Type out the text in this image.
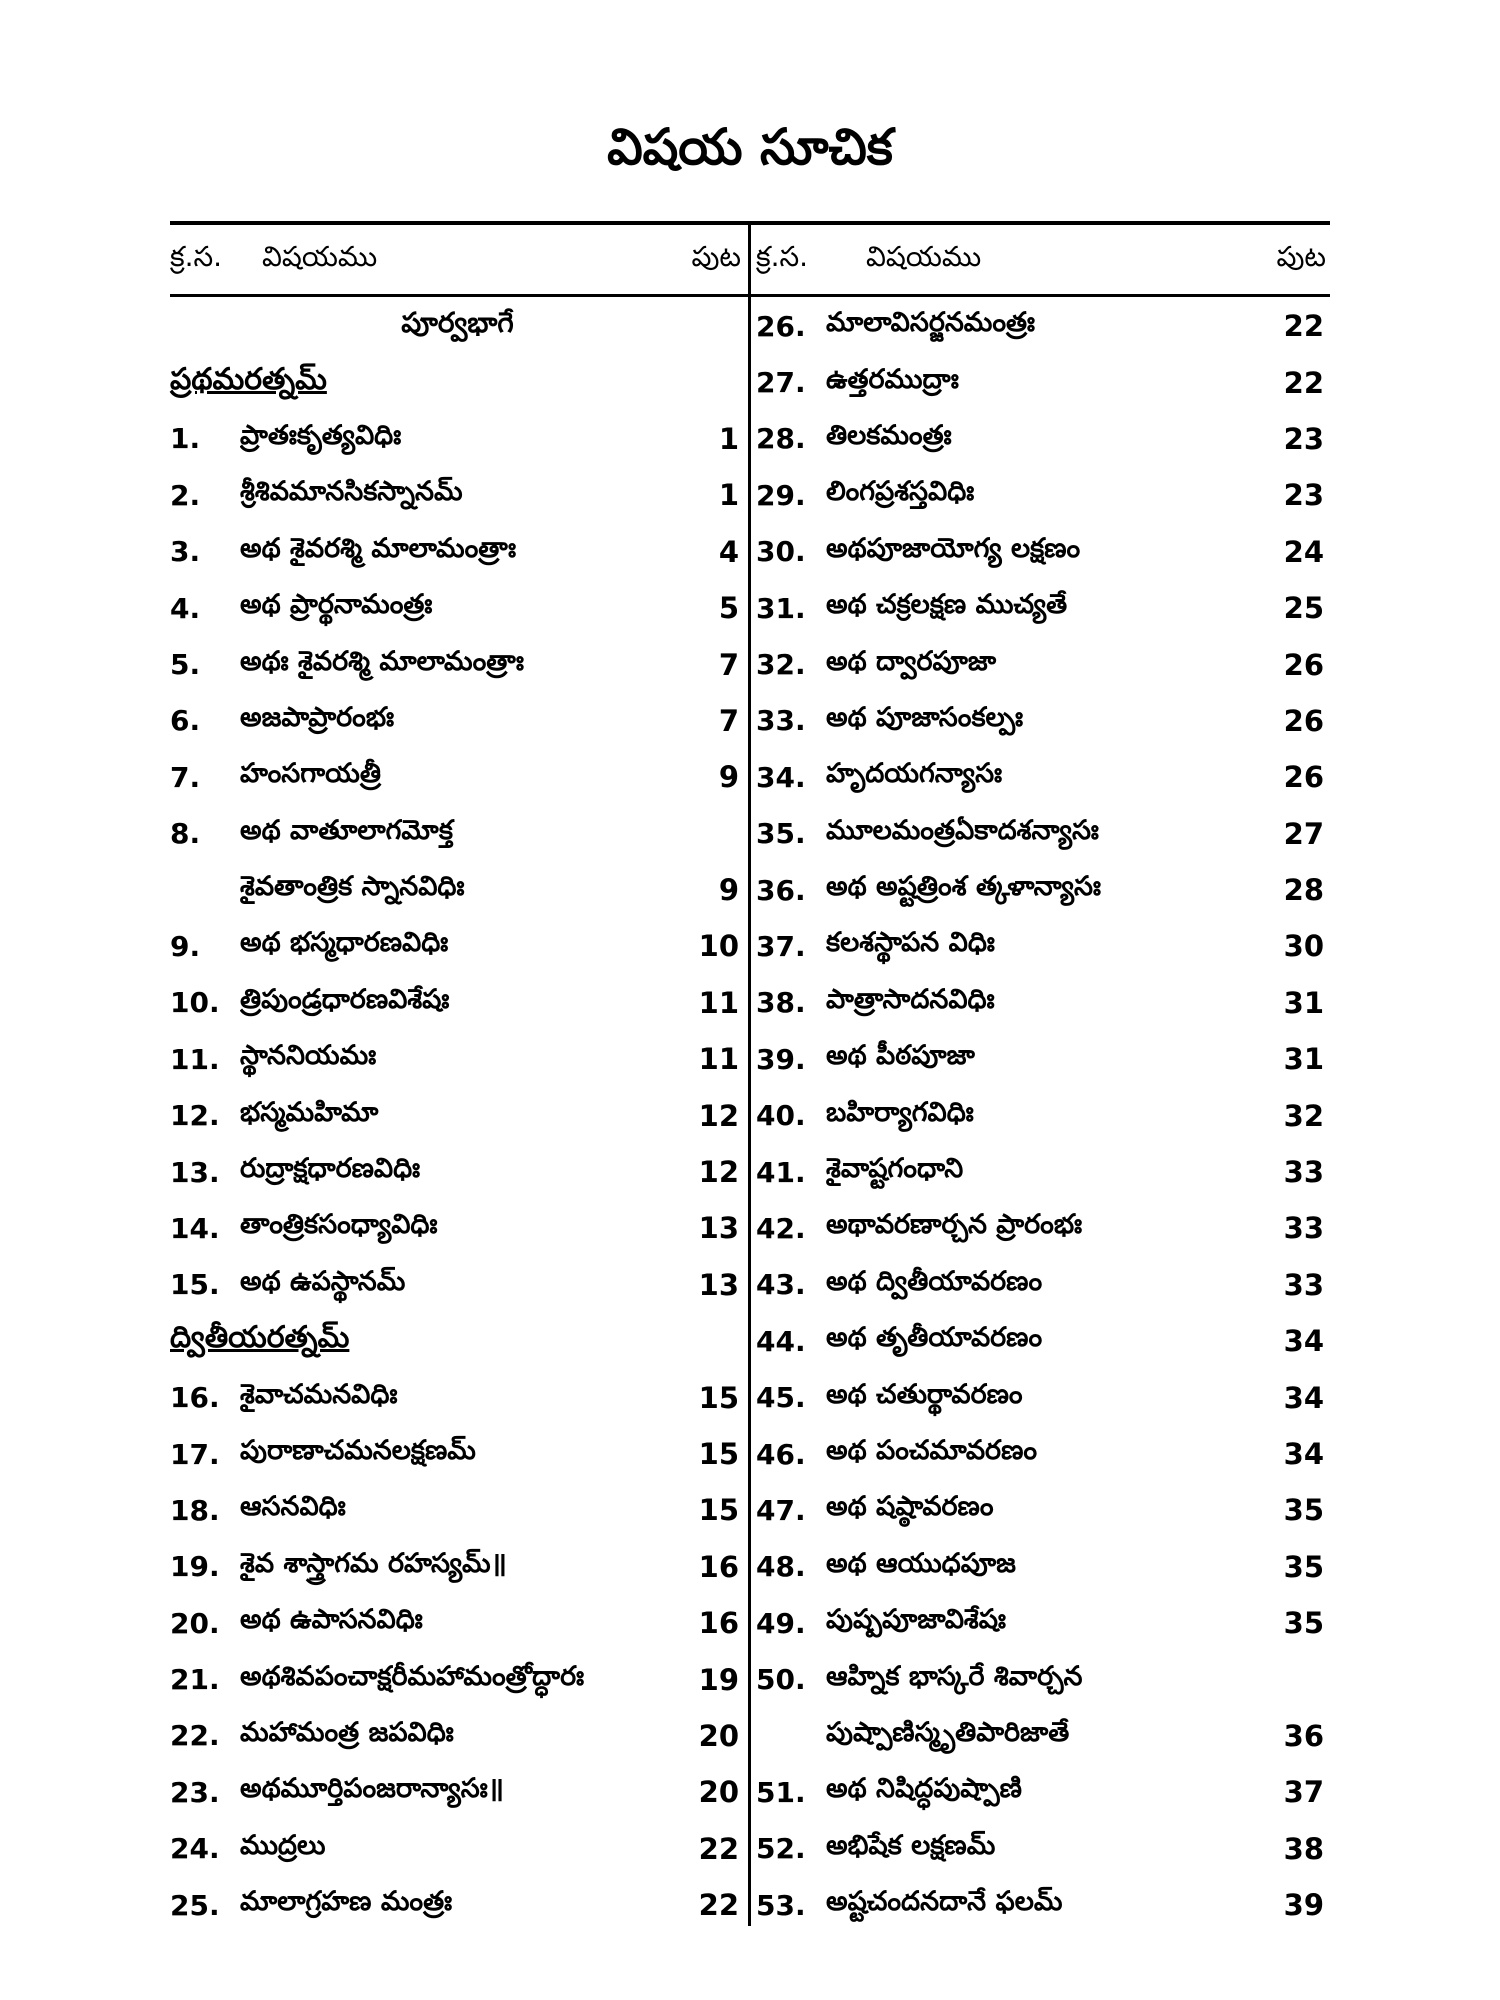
విషయ సూచిక
క్ర.స.	విషయము	పుట
పూర్వభాగే
ప్రథమరత్నమ్
1.	ప్రాతఃకృత్యవిధిః	1
2.	శ్రీశివమానసికస్నానమ్	1
3.	అథ శైవరశ్మి మాలామంత్రాః	4
4.	అథ ప్రార్థనామంత్రః	5
5.	అథః శైవరశ్మి మాలామంత్రాః	7
6.	అజపాప్రారంభః	7
7.	హంసగాయత్రీ	9
8.	అథ వాతూలాగమోక్త
శైవతాంత్రిక స్నానవిధిః	9
9.	అథ భస్మధారణవిధిః	10
10. త్రిపుండ్రధారణవిశేషః	11
11. స్థాననియమః	11
12. భస్మమహిమా	12
13. రుద్రాక్షధారణవిధిః	12
14. తాంత్రికసంధ్యావిధిః	13
15. అథ ఉపస్థానమ్	13
ద్వితీయరత్నమ్
16. శైవాచమనవిధిః	15
17. పురాణాచమనలక్షణమ్	15
18. ఆసనవిధిః	15
19. శైవ శాస్త్రాగమ రహస్యమ్॥	16
20. అథ ఉపాసనవిధిః	16
21. అథశివపంచాక్షరీమహామంత్రోద్ధారః	19
22. మహామంత్ర జపవిధిః	20
23. అథమూర్తిపంజరాన్యాసః॥	20
24. ముద్రలు	22
25. మాలాగ్రహణ మంత్రః	22
క్ర.స.	విషయము	పుట
26. మాలావిసర్జనమంత్రః	22
27. ఉత్తరముద్రాః	22
28. తిలకమంత్రః	23
29. లింగప్రశస్తవిధిః	23
30. అథపూజాయోగ్య లక్షణం	24
31. అథ చక్రలక్షణ ముచ్యతే	25
32. అథ ద్వారపూజా	26
33. అథ పూజాసంకల్పః	26
34. హృదయగన్యాసః	26
35. మూలమంత్రఏకాదశన్యాసః	27
36. అథ అష్టత్రింశ త్కళాన్యాసః	28
37. కలశస్థాపన విధిః	30
38. పాత్రాసాదనవిధిః	31
39. అథ పీఠపూజా	31
40. బహిర్యాగవిధిః	32
41. శైవాష్టగంధాని	33
42. అథావరణార్చన ప్రారంభః	33
43. అథ ద్వితీయావరణం	33
44. అథ తృతీయావరణం	34
45. అథ చతుర్థావరణం	34
46. అథ పంచమావరణం	34
47. అథ షష్ఠావరణం	35
48. అథ ఆయుధపూజ	35
49. పుష్పపూజావిశేషః	35
50. ఆహ్నిక భాస్కరే శివార్చన
పుష్పాణిస్మృతిపారిజాతే	36
51. అథ నిషిద్ధపుష్పాణి	37
52. అభిషేక లక్షణమ్	38
53. అష్టచందనదానే ఫలమ్	39
